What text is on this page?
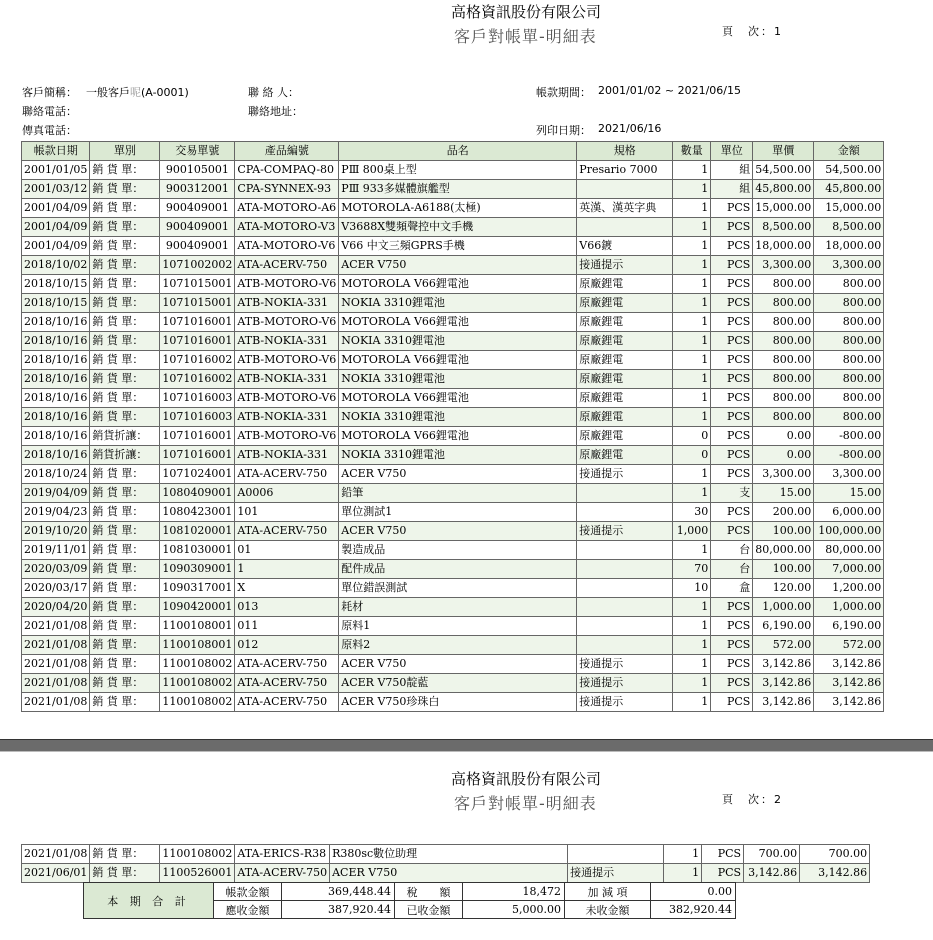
高格資訊股份有限公司
客戶對帳單-明細表	頁　次：1
客戶簡稱： 一般客戶呢(A-0001)	聯 絡 人：	帳款期間： 2001/01/02 ~ 2021/06/15
聯絡電話：	聯絡地址：
傳真電話：	列印日期： 2021/06/16
帳款日期	單別	交易單號	產品編號	品名	規格	數量	單位	單價	金額
2001/01/05	銷 貨 單：	900105001	CPA-COMPAQ-80	PⅢ 800桌上型	Presario 7000	1	組	54,500.00	54,500.00
2001/03/12	銷 貨 單：	900312001	CPA-SYNNEX-93	PⅢ 933多媒體旗艦型		1	組	45,800.00	45,800.00
2001/04/09	銷 貨 單：	900409001	ATA-MOTORO-A6	MOTOROLA-A6188(太極)	英漢、漢英字典	1	PCS	15,000.00	15,000.00
2001/04/09	銷 貨 單：	900409001	ATA-MOTORO-V3	V3688X雙頻聲控中文手機		1	PCS	8,500.00	8,500.00
2001/04/09	銷 貨 單：	900409001	ATA-MOTORO-V6	V66 中文三頻GPRS手機	V66鍍	1	PCS	18,000.00	18,000.00
2018/10/02	銷 貨 單：	1071002002	ATA-ACERV-750	ACER V750	接通提示	1	PCS	3,300.00	3,300.00
2018/10/15	銷 貨 單：	1071015001	ATB-MOTORO-V6	MOTOROLA V66鋰電池	原廠鋰電	1	PCS	800.00	800.00
2018/10/15	銷 貨 單：	1071015001	ATB-NOKIA-331	NOKIA 3310鋰電池	原廠鋰電	1	PCS	800.00	800.00
2018/10/16	銷 貨 單：	1071016001	ATB-MOTORO-V6	MOTOROLA V66鋰電池	原廠鋰電	1	PCS	800.00	800.00
2018/10/16	銷 貨 單：	1071016001	ATB-NOKIA-331	NOKIA 3310鋰電池	原廠鋰電	1	PCS	800.00	800.00
2018/10/16	銷 貨 單：	1071016002	ATB-MOTORO-V6	MOTOROLA V66鋰電池	原廠鋰電	1	PCS	800.00	800.00
2018/10/16	銷 貨 單：	1071016002	ATB-NOKIA-331	NOKIA 3310鋰電池	原廠鋰電	1	PCS	800.00	800.00
2018/10/16	銷 貨 單：	1071016003	ATB-MOTORO-V6	MOTOROLA V66鋰電池	原廠鋰電	1	PCS	800.00	800.00
2018/10/16	銷 貨 單：	1071016003	ATB-NOKIA-331	NOKIA 3310鋰電池	原廠鋰電	1	PCS	800.00	800.00
2018/10/16	銷貨折讓：	1071016001	ATB-MOTORO-V6	MOTOROLA V66鋰電池	原廠鋰電	0	PCS	0.00	-800.00
2018/10/16	銷貨折讓：	1071016001	ATB-NOKIA-331	NOKIA 3310鋰電池	原廠鋰電	0	PCS	0.00	-800.00
2018/10/24	銷 貨 單：	1071024001	ATA-ACERV-750	ACER V750	接通提示	1	PCS	3,300.00	3,300.00
2019/04/09	銷 貨 單：	1080409001	A0006	鉛筆		1	支	15.00	15.00
2019/04/23	銷 貨 單：	1080423001	101	單位測試1		30	PCS	200.00	6,000.00
2019/10/20	銷 貨 單：	1081020001	ATA-ACERV-750	ACER V750	接通提示	1,000	PCS	100.00	100,000.00
2019/11/01	銷 貨 單：	1081030001	01	製造成品		1	台	80,000.00	80,000.00
2020/03/09	銷 貨 單：	1090309001	1	配件成品		70	台	100.00	7,000.00
2020/03/17	銷 貨 單：	1090317001	X	單位錯誤測試		10	盒	120.00	1,200.00
2020/04/20	銷 貨 單：	1090420001	013	耗材		1	PCS	1,000.00	1,000.00
2021/01/08	銷 貨 單：	1100108001	011	原料1		1	PCS	6,190.00	6,190.00
2021/01/08	銷 貨 單：	1100108001	012	原料2		1	PCS	572.00	572.00
2021/01/08	銷 貨 單：	1100108002	ATA-ACERV-750	ACER V750	接通提示	1	PCS	3,142.86	3,142.86
2021/01/08	銷 貨 單：	1100108002	ATA-ACERV-750	ACER V750靛藍	接通提示	1	PCS	3,142.86	3,142.86
2021/01/08	銷 貨 單：	1100108002	ATA-ACERV-750	ACER V750珍珠白	接通提示	1	PCS	3,142.86	3,142.86
高格資訊股份有限公司
客戶對帳單-明細表	頁　次：2
2021/01/08	銷 貨 單：	1100108002	ATA-ERICS-R38	R380sc數位助理		1	PCS	700.00	700.00
2021/06/01	銷 貨 單：	1100526001	ATA-ACERV-750	ACER V750	接通提示	1	PCS	3,142.86	3,142.86
本 期 合 計	帳款金額	369,448.44	稅　　額	18,472	加 減 項	0.00
	應收金額	387,920.44	已收金額	5,000.00	未收金額	382,920.44
